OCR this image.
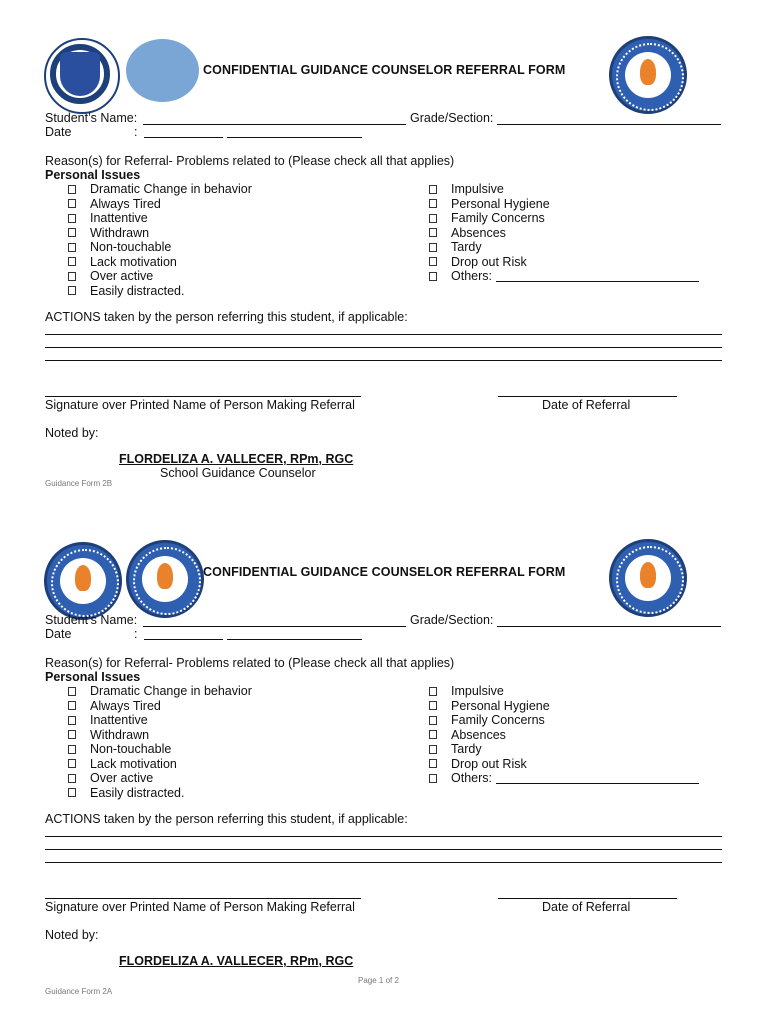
CONFIDENTIAL GUIDANCE COUNSELOR REFERRAL FORM
Student’s Name:	Grade/Section:
Date	:
Reason(s) for Referral- Problems related to (Please check all that applies)
Personal Issues
Dramatic Change in behavior
Always Tired
Inattentive
Withdrawn
Non-touchable
Lack motivation
Over active
Easily distracted.
Impulsive
Personal Hygiene
Family Concerns
Absences
Tardy
Drop out Risk
Others:
ACTIONS taken by the person referring this student, if applicable:
Signature over Printed Name of Person Making Referral	Date of Referral
Noted by:
FLORDELIZA A. VALLECER, RPm, RGC
School Guidance Counselor
Guidance Form 2B
CONFIDENTIAL GUIDANCE COUNSELOR REFERRAL FORM
Student’s Name:	Grade/Section:
Date	:
Reason(s) for Referral- Problems related to (Please check all that applies)
Personal Issues
Dramatic Change in behavior
Always Tired
Inattentive
Withdrawn
Non-touchable
Lack motivation
Over active
Easily distracted.
Impulsive
Personal Hygiene
Family Concerns
Absences
Tardy
Drop out Risk
Others:
ACTIONS taken by the person referring this student, if applicable:
Signature over Printed Name of Person Making Referral	Date of Referral
Noted by:
FLORDELIZA A. VALLECER, RPm, RGC
Page 1 of 2
Guidance Form 2A
